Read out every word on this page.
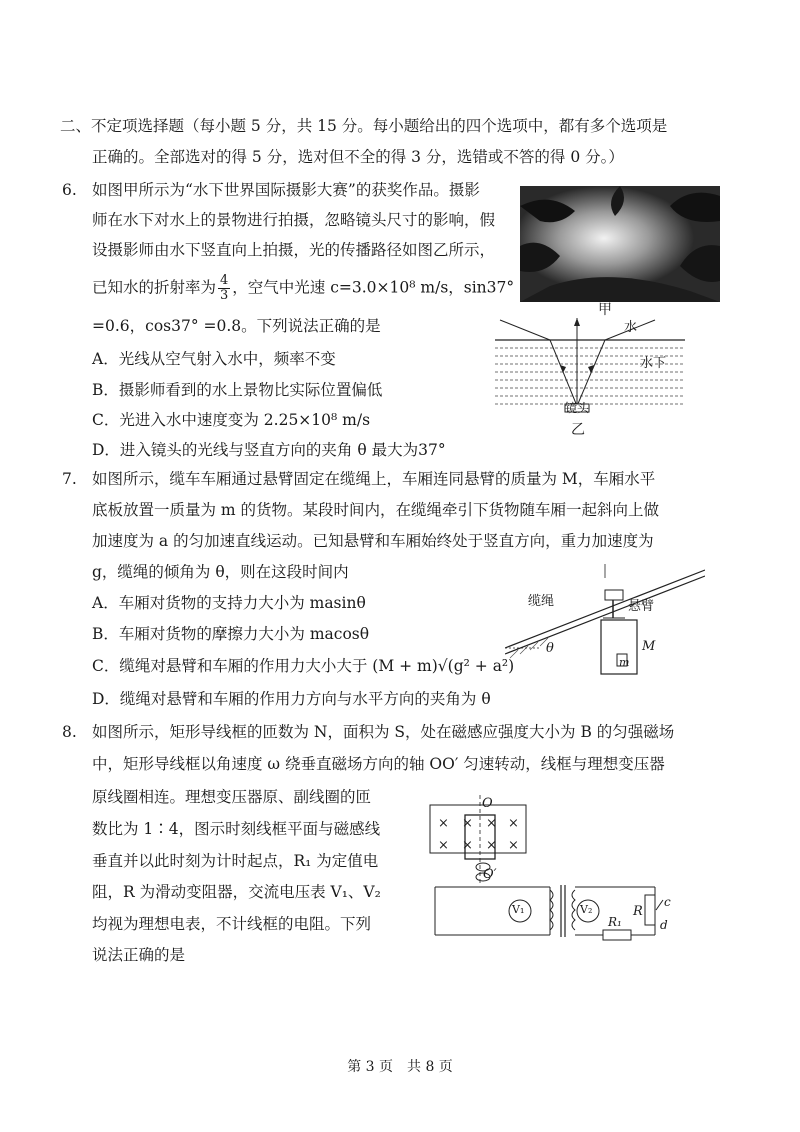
二、不定项选择题（每小题 5 分，共 15 分。每小题给出的四个选项中，都有多个选项是
正确的。全部选对的得 5 分，选对但不全的得 3 分，选错或不答的得 0 分。）
6. 如图甲所示为“水下世界国际摄影大赛”的获奖作品。摄影
师在水下对水上的景物进行拍摄，忽略镜头尺寸的影响，假
设摄影师由水下竖直向上拍摄，光的传播路径如图乙所示，
已知水的折射率为 $\frac{4}{3}$ ，空气中光速 c=3.0×10⁸ m/s，sin37°
=0.6，cos37° =0.8。下列说法正确的是
A．光线从空气射入水中，频率不变
B．摄影师看到的水上景物比实际位置偏低
C．光进入水中速度变为 2.25×10⁸ m/s
D．进入镜头的光线与竖直方向的夹角 θ 最大为37°
甲
水
水下
镜头
乙
7. 如图所示，缆车车厢通过悬臂固定在缆绳上，车厢连同悬臂的质量为 M，车厢水平
底板放置一质量为 m 的货物。某段时间内，在缆绳牵引下货物随车厢一起斜向上做
加速度为 a 的匀加速直线运动。已知悬臂和车厢始终处于竖直方向，重力加速度为
g，缆绳的倾角为 θ，则在这段时间内
A．车厢对货物的支持力大小为 masinθ
B．车厢对货物的摩擦力大小为 macosθ
C．缆绳对悬臂和车厢的作用力大小大于 (M + m)√(g² + a²)
D．缆绳对悬臂和车厢的作用力方向与水平方向的夹角为 θ
缆绳	悬臂
θ	M
m
8. 如图所示，矩形导线框的匝数为 N，面积为 S，处在磁感应强度大小为 B 的匀强磁场
中，矩形导线框以角速度 ω 绕垂直磁场方向的轴 OO′ 匀速转动，线框与理想变压器
原线圈相连。理想变压器原、副线圈的匝
数比为 1∶4，图示时刻线框平面与磁感线
垂直并以此时刻为计时起点，R₁ 为定值电
阻，R 为滑动变阻器，交流电压表 V₁、V₂
均视为理想电表，不计线框的电阻。下列
说法正确的是
O
O′
× × × ×
× × × ×
V₁	V₂	R
c
d
R₁
第 3 页　共 8 页
